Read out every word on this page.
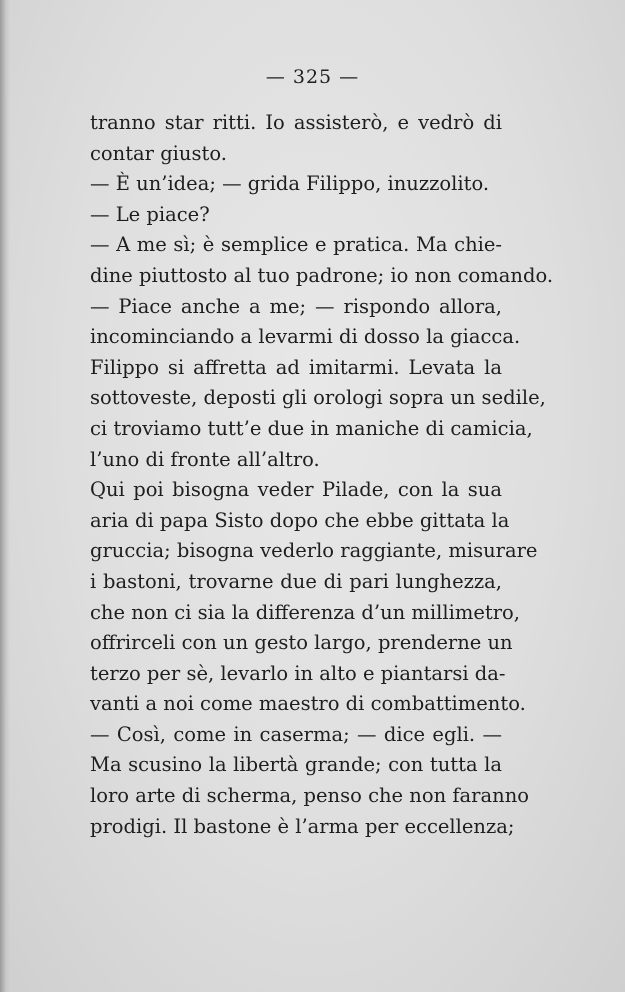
— 325 —

tranno star ritti. Io assisterò, e vedrò di
contar giusto.
— È un’idea; — grida Filippo, inuzzolito.
— Le piace?
— A me sì; è semplice e pratica. Ma chie-
dine piuttosto al tuo padrone; io non comando.
— Piace anche a me; — rispondo allora,
incominciando a levarmi di dosso la giacca.
Filippo si affretta ad imitarmi. Levata la
sottoveste, deposti gli orologi sopra un sedile,
ci troviamo tutt’e due in maniche di camicia,
l’uno di fronte all’altro.
Qui poi bisogna veder Pilade, con la sua
aria di papa Sisto dopo che ebbe gittata la
gruccia; bisogna vederlo raggiante, misurare
i bastoni, trovarne due di pari lunghezza,
che non ci sia la differenza d’un millimetro,
offrirceli con un gesto largo, prenderne un
terzo per sè, levarlo in alto e piantarsi da-
vanti a noi come maestro di combattimento.
— Così, come in caserma; — dice egli. —
Ma scusino la libertà grande; con tutta la
loro arte di scherma, penso che non faranno
prodigi. Il bastone è l’arma per eccellenza;
